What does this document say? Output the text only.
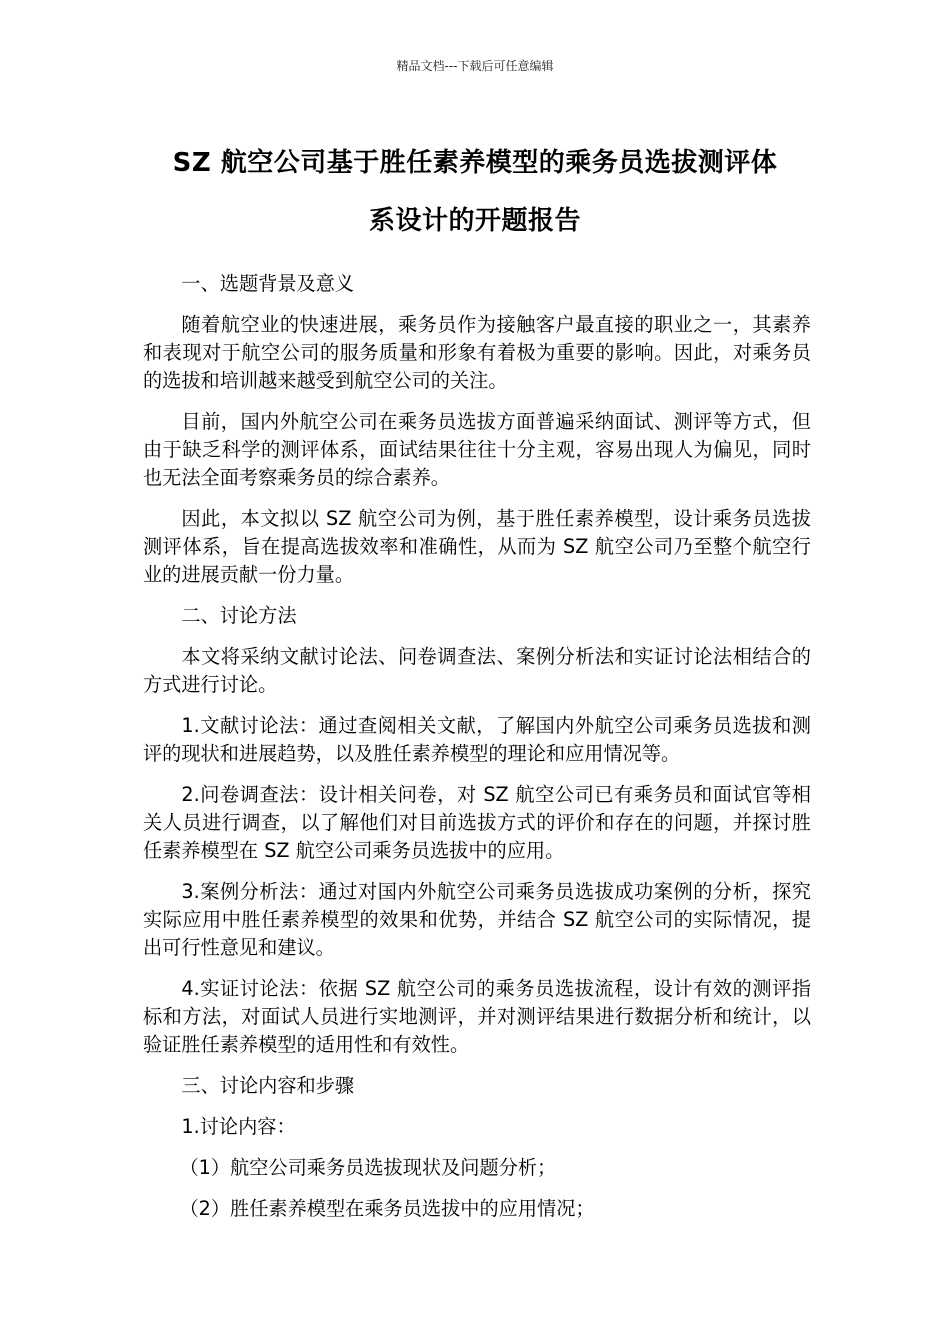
精品文档---下载后可任意编辑
SZ 航空公司基于胜任素养模型的乘务员选拔测评体
系设计的开题报告

一、选题背景及意义

随着航空业的快速进展，乘务员作为接触客户最直接的职业之一，其素养和表现对于航空公司的服务质量和形象有着极为重要的影响。因此，对乘务员的选拔和培训越来越受到航空公司的关注。

目前，国内外航空公司在乘务员选拔方面普遍采纳面试、测评等方式，但由于缺乏科学的测评体系，面试结果往往十分主观，容易出现人为偏见，同时也无法全面考察乘务员的综合素养。

因此，本文拟以 SZ 航空公司为例，基于胜任素养模型，设计乘务员选拔测评体系，旨在提高选拔效率和准确性，从而为 SZ 航空公司乃至整个航空行业的进展贡献一份力量。

二、讨论方法

本文将采纳文献讨论法、问卷调查法、案例分析法和实证讨论法相结合的方式进行讨论。

1.文献讨论法：通过查阅相关文献，了解国内外航空公司乘务员选拔和测评的现状和进展趋势，以及胜任素养模型的理论和应用情况等。

2.问卷调查法：设计相关问卷，对 SZ 航空公司已有乘务员和面试官等相关人员进行调查，以了解他们对目前选拔方式的评价和存在的问题，并探讨胜任素养模型在 SZ 航空公司乘务员选拔中的应用。

3.案例分析法：通过对国内外航空公司乘务员选拔成功案例的分析，探究实际应用中胜任素养模型的效果和优势，并结合 SZ 航空公司的实际情况，提出可行性意见和建议。

4.实证讨论法：依据 SZ 航空公司的乘务员选拔流程，设计有效的测评指标和方法，对面试人员进行实地测评，并对测评结果进行数据分析和统计，以验证胜任素养模型的适用性和有效性。

三、讨论内容和步骤

1.讨论内容：

（1）航空公司乘务员选拔现状及问题分析；

（2）胜任素养模型在乘务员选拔中的应用情况；
